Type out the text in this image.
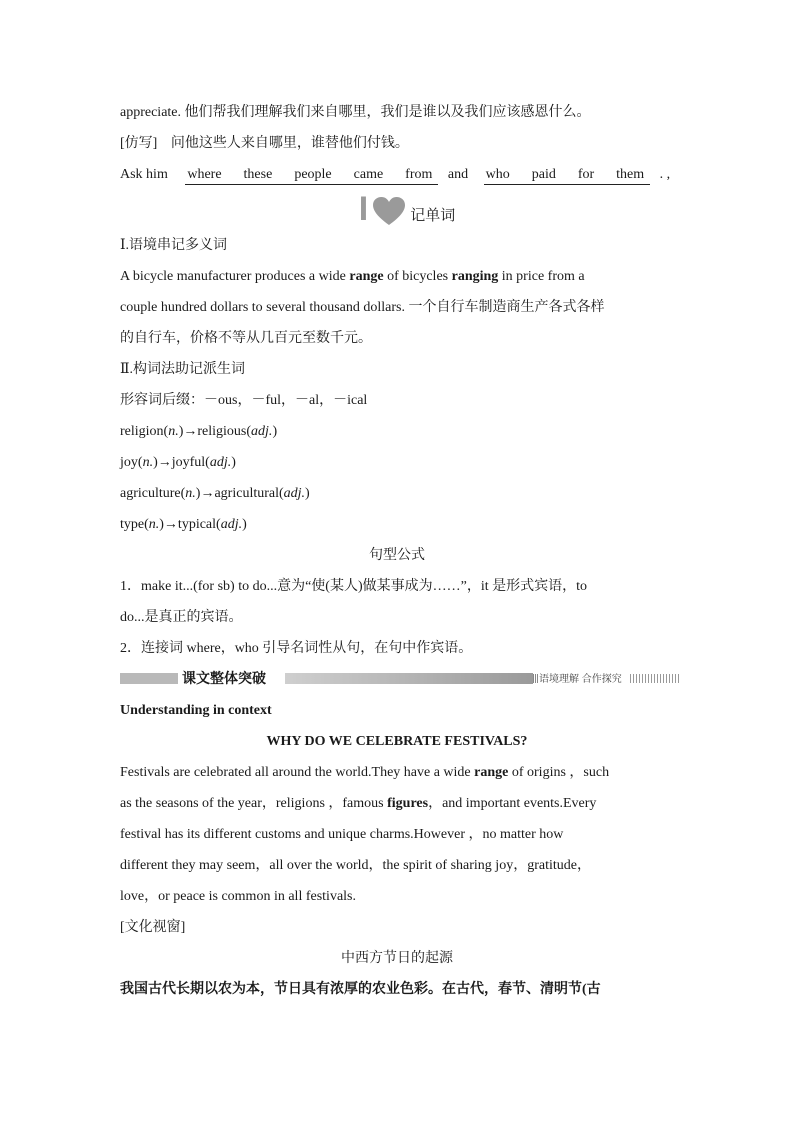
appreciate. 他们帮我们理解我们来自哪里，我们是谁以及我们应该感恩什么。
[仿写] 问他这些人来自哪里，谁替他们付钱。
Ask him where these people came from and who paid for them . ,
I	记单词
Ⅰ.语境串记多义词
A bicycle manufacturer produces a wide range of bicycles ranging in price from a
couple hundred dollars to several thousand dollars. 一个自行车制造商生产各式各样
的自行车，价格不等从几百元至数千元。
Ⅱ.构词法助记派生词
形容词后缀：－ous，－ful，－al，－ical
religion(n.)→religious(adj.)
joy(n.)→joyful(adj.)
agriculture(n.)→agricultural(adj.)
type(n.)→typical(adj.)
句型公式
1．make it...(for sb) to do...意为“使(某人)做某事成为……”，it 是形式宾语，to
do...是真正的宾语。
2．连接词 where，who 引导名词性从句，在句中作宾语。
课文整体突破	语境理解 合作探究
Understanding in context
WHY DO WE CELEBRATE FESTIVALS?
Festivals are celebrated all around the world.They have a wide range of origins ，such
as the seasons of the year，religions ，famous figures，and important events.Every
festival has its different customs and unique charms.However ，no matter how
different they may seem，all over the world，the spirit of sharing joy，gratitude，
love，or peace is common in all festivals.
[文化视窗]
中西方节日的起源
我国古代长期以农为本，节日具有浓厚的农业色彩。在古代，春节、清明节(古
